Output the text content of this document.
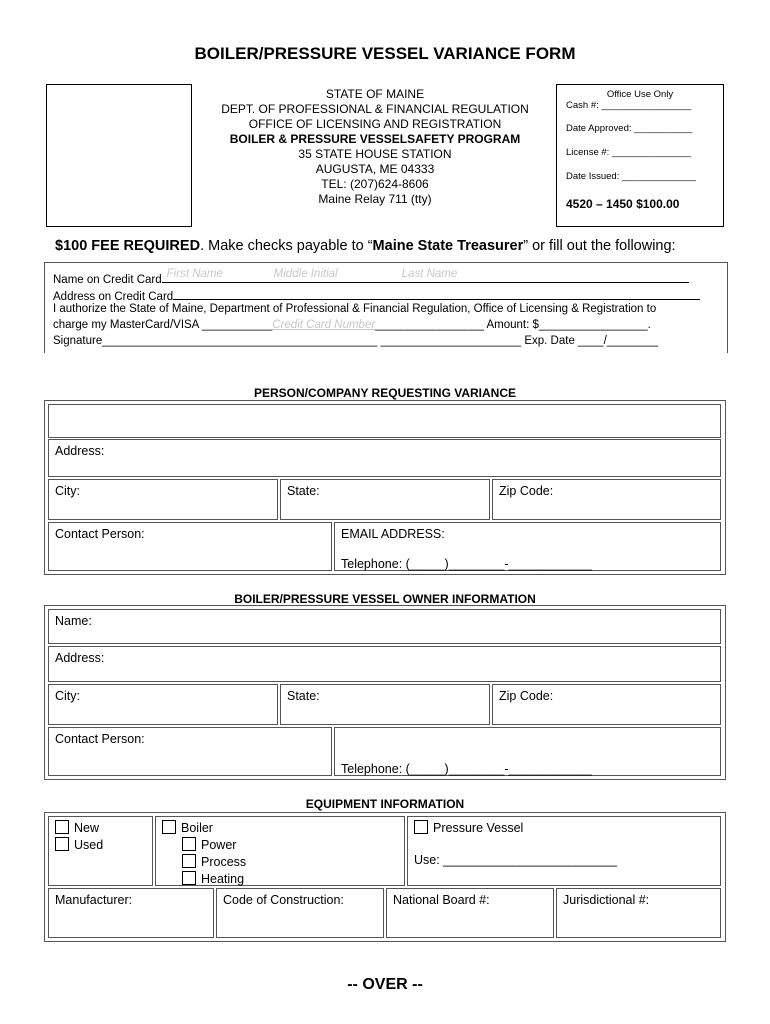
BOILER/PRESSURE VESSEL VARIANCE FORM
STATE OF MAINE
DEPT. OF PROFESSIONAL & FINANCIAL REGULATION
OFFICE OF LICENSING AND REGISTRATION
BOILER & PRESSURE VESSELSAFETY PROGRAM
35 STATE HOUSE STATION
AUGUSTA, ME 04333
TEL: (207)624-8606
Maine Relay 711 (tty)
Office Use Only
Cash #: _________________
Date Approved: ___________
License #: _______________
Date Issued: ______________
4520 – 1450 $100.00
$100 FEE REQUIRED. Make checks payable to “Maine State Treasurer” or fill out the following:
Name on Credit Card First Name	Middle Initial	Last Name
Address on Credit Card
I authorize the State of Maine, Department of Professional & Financial Regulation, Office of Licensing & Registration to
charge my MasterCard/VISA ___________Credit Card Number_________________ Amount: $_________________.
Signature___________________________________________ ______________________ Exp. Date ____/________
PERSON/COMPANY REQUESTING VARIANCE
Address:
City:	State:	Zip Code:
Contact Person:	EMAIL ADDRESS:
Telephone: (_____)________-____________
BOILER/PRESSURE VESSEL OWNER INFORMATION
Name:
Address:
City:	State:	Zip Code:
Contact Person:
Telephone: (_____)________-____________
EQUIPMENT INFORMATION
New
Used
Boiler
Power
Process
Heating
Pressure Vessel
Use: _________________________
Manufacturer:	Code of Construction:	National Board #:	Jurisdictional #:
-- OVER --
